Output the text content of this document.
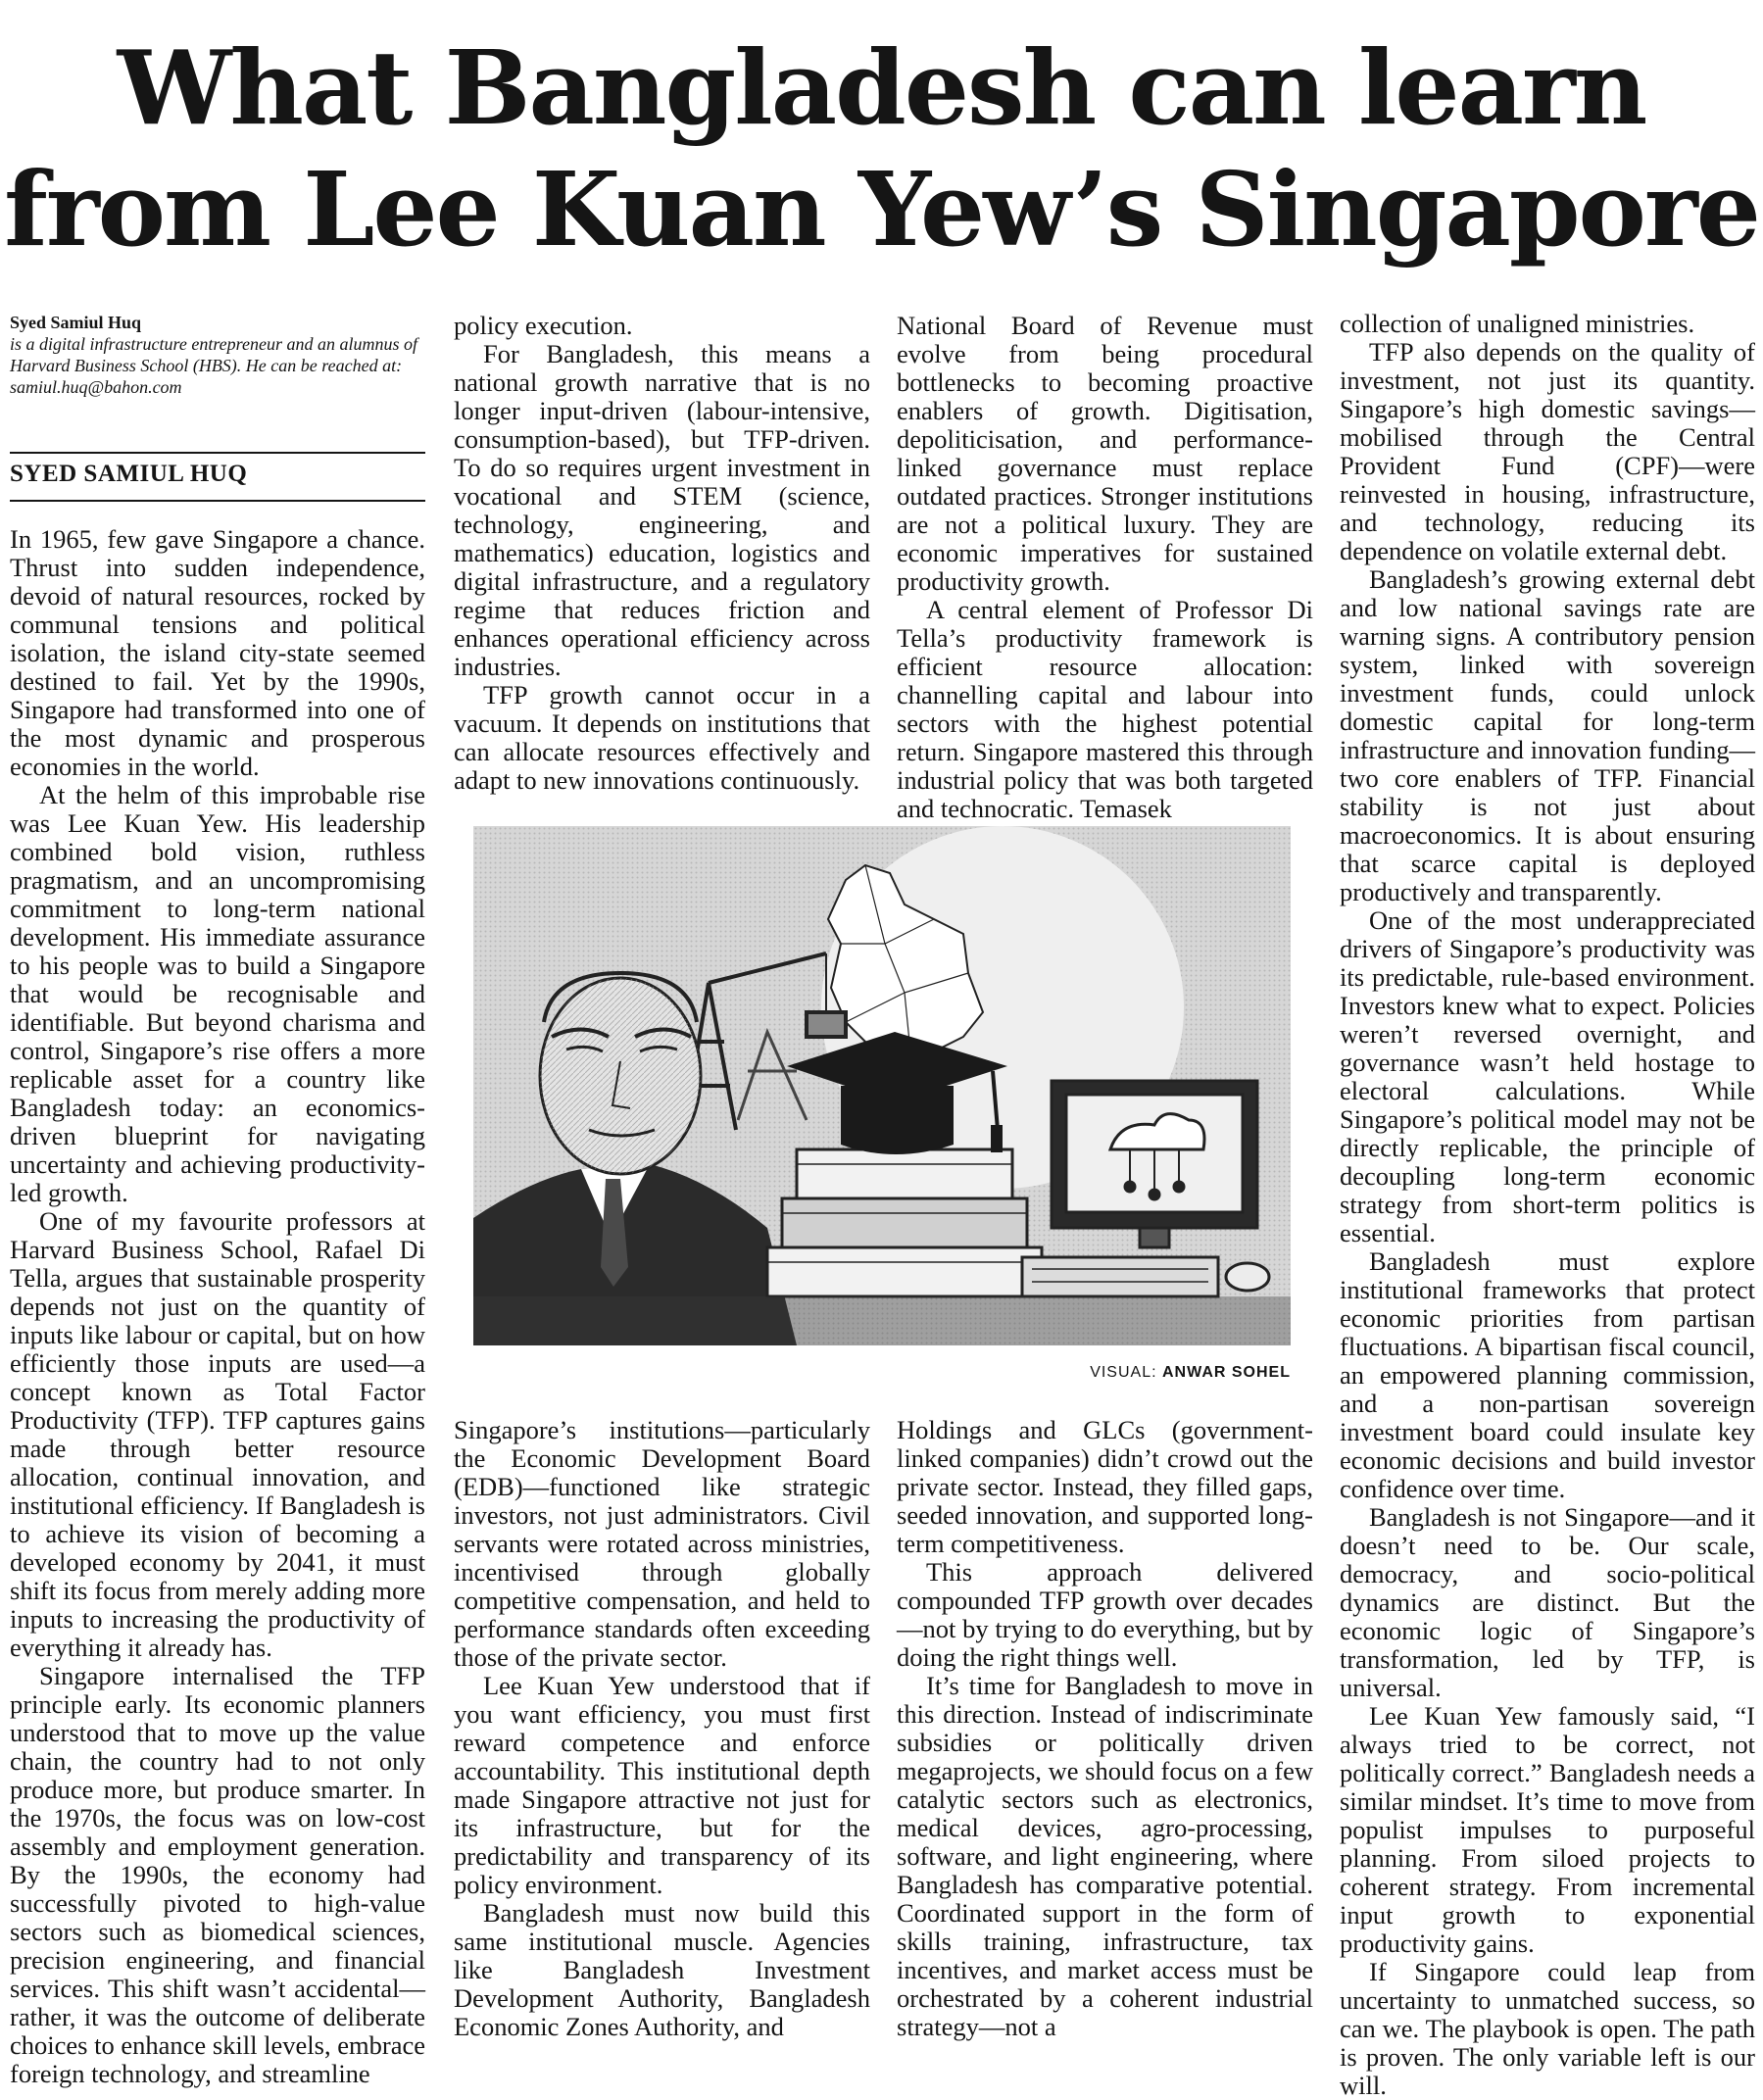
What Bangladesh can learn
from Lee Kuan Yew’s Singapore
Syed Samiul Huq
is a digital infrastructure entrepreneur and an alumnus of Harvard Business School (HBS). He can be reached at: samiul.huq@bahon.com
SYED SAMIUL HUQ

In 1965, few gave Singapore a chance. Thrust into sudden independence, devoid of natural resources, rocked by communal tensions and political isolation, the island city-state seemed destined to fail. Yet by the 1990s, Singapore had transformed into one of the most dynamic and prosperous economies in the world.

At the helm of this improbable rise was Lee Kuan Yew. His leadership combined bold vision, ruthless pragmatism, and an uncompromising commitment to long-term national development. His immediate assurance to his people was to build a Singapore that would be recognisable and identifiable. But beyond charisma and control, Singapore’s rise offers a more replicable asset for a country like Bangladesh today: an economics-driven blueprint for navigating uncertainty and achieving productivity-led growth.

One of my favourite professors at Harvard Business School, Rafael Di Tella, argues that sustainable prosperity depends not just on the quantity of inputs like labour or capital, but on how efficiently those inputs are used—a concept known as Total Factor Productivity (TFP). TFP captures gains made through better resource allocation, continual innovation, and institutional efficiency. If Bangladesh is to achieve its vision of becoming a developed economy by 2041, it must shift its focus from merely adding more inputs to increasing the productivity of everything it already has.

Singapore internalised the TFP principle early. Its economic planners understood that to move up the value chain, the country had to not only produce more, but produce smarter. In the 1970s, the focus was on low-cost assembly and employment generation. By the 1990s, the economy had successfully pivoted to high-value sectors such as biomedical sciences, precision engineering, and financial services. This shift wasn’t accidental—rather, it was the outcome of deliberate choices to enhance skill levels, embrace foreign technology, and streamline

policy execution.

For Bangladesh, this means a national growth narrative that is no longer input-driven (labour-intensive, consumption-based), but TFP-driven. To do so requires urgent investment in vocational and STEM (science, technology, engineering, and mathematics) education, logistics and digital infrastructure, and a regulatory regime that reduces friction and enhances operational efficiency across industries.

TFP growth cannot occur in a vacuum. It depends on institutions that can allocate resources effectively and adapt to new innovations continuously.

National Board of Revenue must evolve from being procedural bottlenecks to becoming proactive enablers of growth. Digitisation, depoliticisation, and performance-linked governance must replace outdated practices. Stronger institutions are not a political luxury. They are economic imperatives for sustained productivity growth.

A central element of Professor Di Tella’s productivity framework is efficient resource allocation: channelling capital and labour into sectors with the highest potential return. Singapore mastered this through industrial policy that was both targeted and technocratic. Temasek

VISUAL: ANWAR SOHEL

Singapore’s institutions—particularly the Economic Development Board (EDB)—functioned like strategic investors, not just administrators. Civil servants were rotated across ministries, incentivised through globally competitive compensation, and held to performance standards often exceeding those of the private sector.

Lee Kuan Yew understood that if you want efficiency, you must first reward competence and enforce accountability. This institutional depth made Singapore attractive not just for its infrastructure, but for the predictability and transparency of its policy environment.

Bangladesh must now build this same institutional muscle. Agencies like Bangladesh Investment Development Authority, Bangladesh Economic Zones Authority, and

Holdings and GLCs (government-linked companies) didn’t crowd out the private sector. Instead, they filled gaps, seeded innovation, and supported long-term competitiveness.

This approach delivered compounded TFP growth over decades—not by trying to do everything, but by doing the right things well.

It’s time for Bangladesh to move in this direction. Instead of indiscriminate subsidies or politically driven megaprojects, we should focus on a few catalytic sectors such as electronics, medical devices, agro-processing, software, and light engineering, where Bangladesh has comparative potential. Coordinated support in the form of skills training, infrastructure, tax incentives, and market access must be orchestrated by a coherent industrial strategy—not a

collection of unaligned ministries.

TFP also depends on the quality of investment, not just its quantity. Singapore’s high domestic savings—mobilised through the Central Provident Fund (CPF)—were reinvested in housing, infrastructure, and technology, reducing its dependence on volatile external debt.

Bangladesh’s growing external debt and low national savings rate are warning signs. A contributory pension system, linked with sovereign investment funds, could unlock domestic capital for long-term infrastructure and innovation funding—two core enablers of TFP. Financial stability is not just about macroeconomics. It is about ensuring that scarce capital is deployed productively and transparently.

One of the most underappreciated drivers of Singapore’s productivity was its predictable, rule-based environment. Investors knew what to expect. Policies weren’t reversed overnight, and governance wasn’t held hostage to electoral calculations. While Singapore’s political model may not be directly replicable, the principle of decoupling long-term economic strategy from short-term politics is essential.

Bangladesh must explore institutional frameworks that protect economic priorities from partisan fluctuations. A bipartisan fiscal council, an empowered planning commission, and a non-partisan sovereign investment board could insulate key economic decisions and build investor confidence over time.

Bangladesh is not Singapore—and it doesn’t need to be. Our scale, democracy, and socio-political dynamics are distinct. But the economic logic of Singapore’s transformation, led by TFP, is universal.

Lee Kuan Yew famously said, “I always tried to be correct, not politically correct.” Bangladesh needs a similar mindset. It’s time to move from populist impulses to purposeful planning. From siloed projects to coherent strategy. From incremental input growth to exponential productivity gains.

If Singapore could leap from uncertainty to unmatched success, so can we. The playbook is open. The path is proven. The only variable left is our will.
